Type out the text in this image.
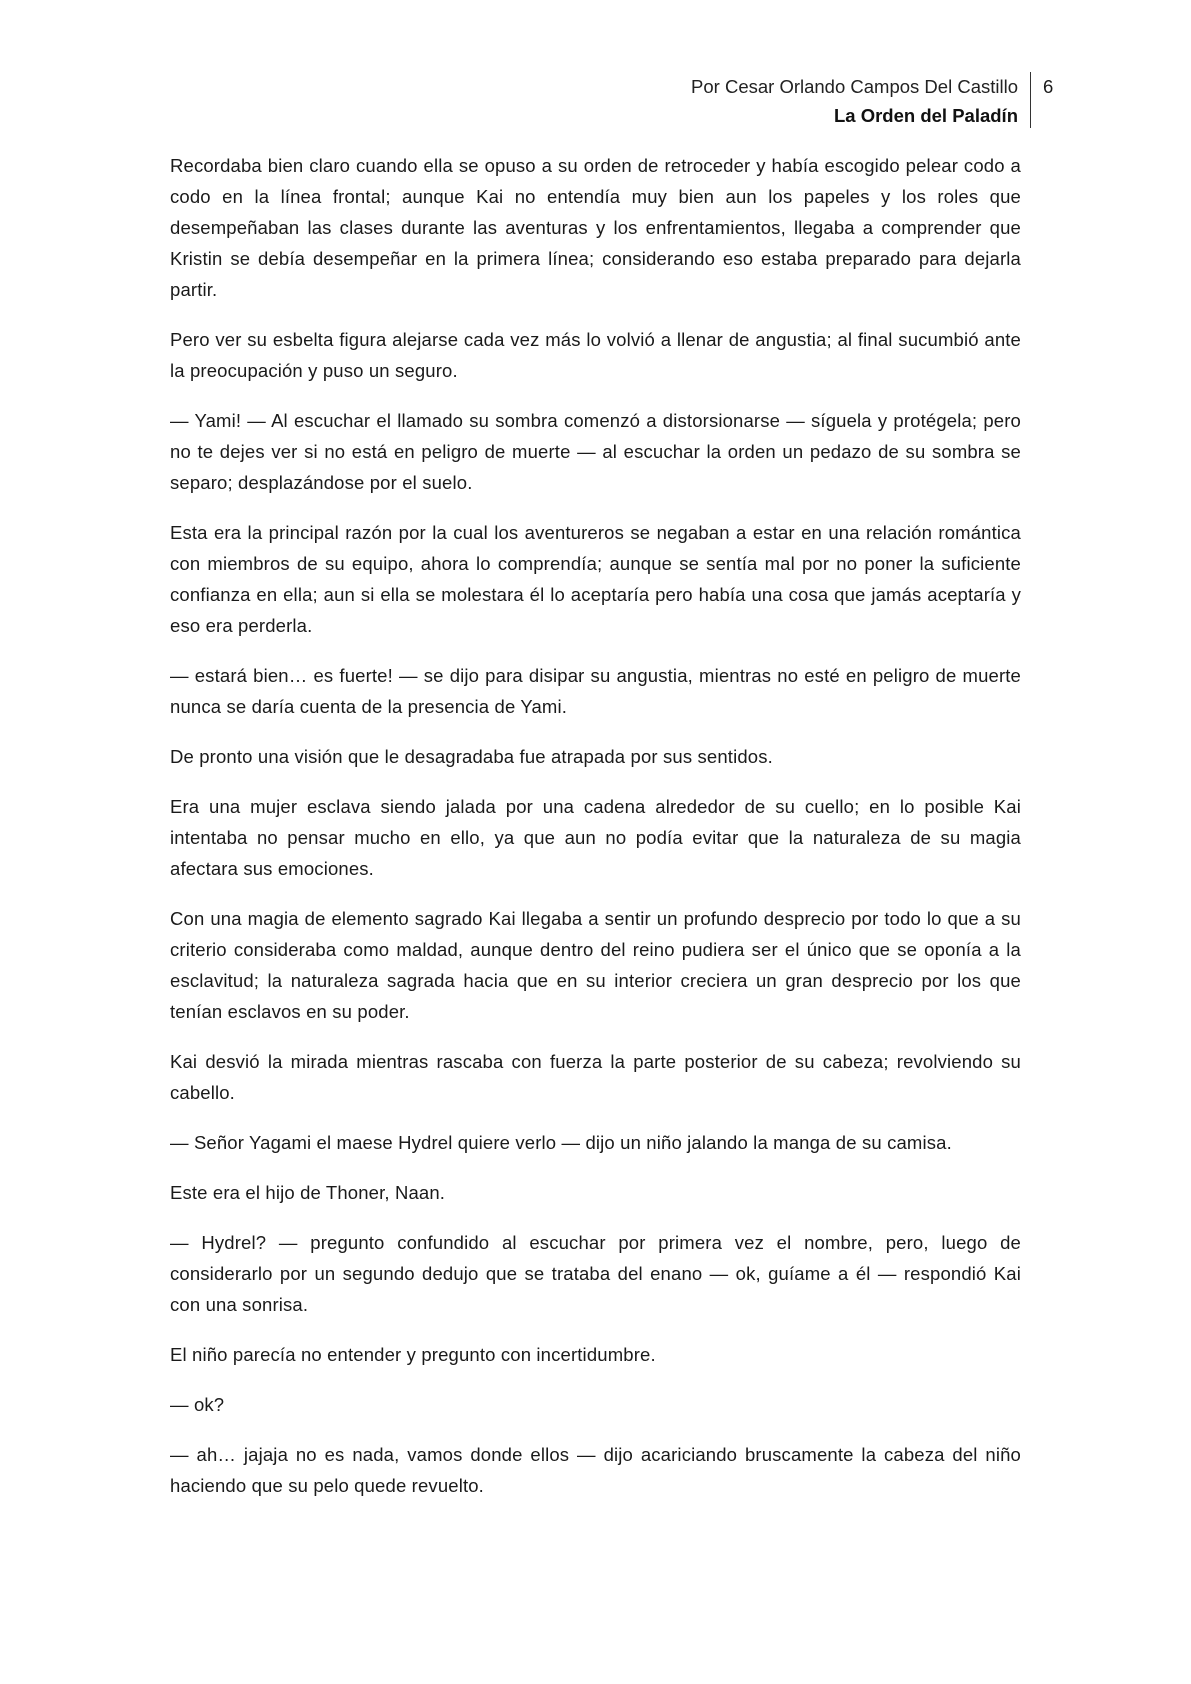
Por Cesar Orlando Campos Del Castillo
La Orden del Paladín
6

Recordaba bien claro cuando ella se opuso a su orden de retroceder y había escogido pelear codo a codo en la línea frontal; aunque Kai no entendía muy bien aun los papeles y los roles que desempeñaban las clases durante las aventuras y los enfrentamientos, llegaba a comprender que Kristin se debía desempeñar en la primera línea; considerando eso estaba preparado para dejarla partir.

Pero ver su esbelta figura alejarse cada vez más lo volvió a llenar de angustia; al final sucumbió ante la preocupación y puso un seguro.

— Yami! — Al escuchar el llamado su sombra comenzó a distorsionarse — síguela y protégela; pero no te dejes ver si no está en peligro de muerte — al escuchar la orden un pedazo de su sombra se separo; desplazándose por el suelo.

Esta era la principal razón por la cual los aventureros se negaban a estar en una relación romántica con miembros de su equipo, ahora lo comprendía; aunque se sentía mal por no poner la suficiente confianza en ella; aun si ella se molestara él lo aceptaría pero había una cosa que jamás aceptaría y eso era perderla.

— estará bien… es fuerte! — se dijo para disipar su angustia, mientras no esté en peligro de muerte nunca se daría cuenta de la presencia de Yami.

De pronto una visión que le desagradaba fue atrapada por sus sentidos.

Era una mujer esclava siendo jalada por una cadena alrededor de su cuello; en lo posible Kai intentaba no pensar mucho en ello, ya que aun no podía evitar que la naturaleza de su magia afectara sus emociones.

Con una magia de elemento sagrado Kai llegaba a sentir un profundo desprecio por todo lo que a su criterio consideraba como maldad, aunque dentro del reino pudiera ser el único que se oponía a la esclavitud; la naturaleza sagrada hacia que en su interior creciera un gran desprecio por los que tenían esclavos en su poder.

Kai desvió la mirada mientras rascaba con fuerza la parte posterior de su cabeza; revolviendo su cabello.

— Señor Yagami el maese Hydrel quiere verlo — dijo un niño jalando la manga de su camisa.

Este era el hijo de Thoner, Naan.

— Hydrel? — pregunto confundido al escuchar por primera vez el nombre, pero, luego de considerarlo por un segundo dedujo que se trataba del enano — ok, guíame a él — respondió Kai con una sonrisa.

El niño parecía no entender y pregunto con incertidumbre.

— ok?

— ah… jajaja no es nada, vamos donde ellos — dijo acariciando bruscamente la cabeza del niño haciendo que su pelo quede revuelto.
